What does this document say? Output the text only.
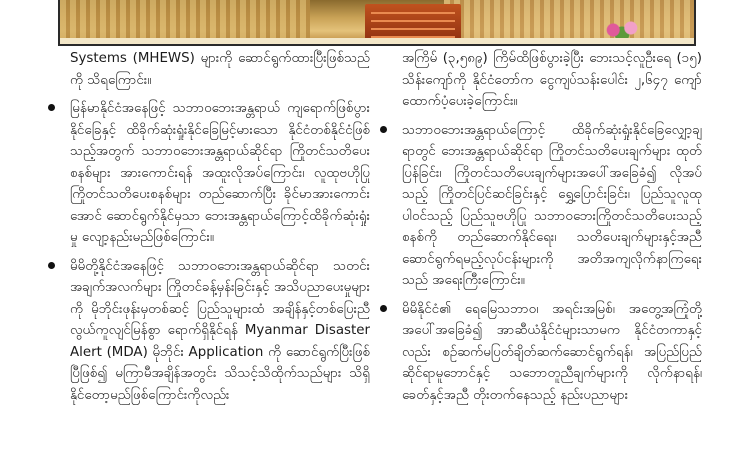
Systems (MHEWS) များကို ဆောင်ရွက်ထားပြီးဖြစ်သည်ကို သိရကြောင်း။

မြန်မာနိုင်ငံအနေဖြင့် သဘာဝဘေးအန္တရာယ် ကျရောက်ဖြစ်ပွားနိုင်ခြေနှင့် ထိခိုက်ဆုံးရှုံးနိုင်ခြေမြင့်မားသော နိုင်ငံတစ်နိုင်ငံဖြစ်သည့်အတွက် သဘာဝဘေးအန္တရာယ်ဆိုင်ရာ ကြိုတင်သတိပေးစနစ်များ အားကောင်းရန် အထူးလိုအပ်ကြောင်း၊ လူထုဗဟိုပြု ကြိုတင်သတိပေးစနစ်များ တည်ဆောက်ပြီး ခိုင်မာအားကောင်းအောင် ဆောင်ရွက်နိုင်မှသာ ဘေးအန္တရာယ်ကြောင့်ထိခိုက်ဆုံးရှုံးမှု လျော့နည်းမည်ဖြစ်ကြောင်း။

မိမိတို့နိုင်ငံအနေဖြင့် သဘာဝဘေးအန္တရာယ်ဆိုင်ရာ သတင်းအချက်အလက်များ ကြိုတင်ခန့်မှန်းခြင်းနှင့် အသိပညာပေးမှုများကို မိုဘိုင်းဖုန်းမှတစ်ဆင့် ပြည်သူများထံ အချိန်နှင့်တစ်ပြေးညီ လွယ်ကူလျင်မြန်စွာ ရောက်ရှိနိုင်ရန် Myanmar Disaster Alert (MDA) မိုဘိုင်း Application ကို ဆောင်ရွက်ပြီးဖြစ်ပြီဖြစ်၍ မကြာမီအချိန်အတွင်း သိသင့်သိထိုက်သည်များ သိရှိနိုင်တော့မည်ဖြစ်ကြောင်းကိုလည်း

အကြိမ် (၃,၅၈၉) ကြိမ်ထိဖြစ်ပွားခဲ့ပြီး ဘေးသင့်လူဦးရေ (၁၅) သိန်းကျော်ကို နိုင်ငံတော်က ငွေကျပ်သန်းပေါင်း ၂,၆၄၇ ကျော် ထောက်ပံ့ပေးခဲ့ကြောင်း။

သဘာဝဘေးအန္တရာယ်ကြောင့် ထိခိုက်ဆုံးရှုံးနိုင်ခြေလျှော့ချရာတွင် ဘေးအန္တရာယ်ဆိုင်ရာ ကြိုတင်သတိပေးချက်များ ထုတ်ပြန်ခြင်း၊ ကြိုတင်သတိပေးချက်များအပေါ်အခြေခံ၍ လိုအပ်သည့် ကြိုတင်ပြင်ဆင်ခြင်းနှင့် ရွှေ့ပြောင်းခြင်း၊ ပြည်သူလူထုပါဝင်သည့် ပြည်သူဗဟိုပြု သဘာဝဘေးကြိုတင်သတိပေးသည့်စနစ်ကို တည်ဆောက်နိုင်ရေး၊ သတိပေးချက်များနှင့်အညီ ဆောင်ရွက်ရမည့်လုပ်ငန်းများကို အတိအကျလိုက်နာကြရေးသည် အရေးကြီးကြောင်း။

မိမိနိုင်ငံ၏ ရေမြေသဘာဝ၊ အရင်းအမြစ်၊ အတွေ့အကြုံတို့အပေါ်အခြေခံ၍ အာဆီယံနိုင်ငံများသာမက နိုင်ငံတကာနှင့်လည်း စဉ်ဆက်မပြတ်ချိတ်ဆက်ဆောင်ရွက်ရန်၊ အပြည်ပြည်ဆိုင်ရာမူဘောင်နှင့် သဘောတူညီချက်များကို လိုက်နာရန်၊ ခေတ်နှင့်အညီ တိုးတက်နေသည့် နည်းပညာများ
